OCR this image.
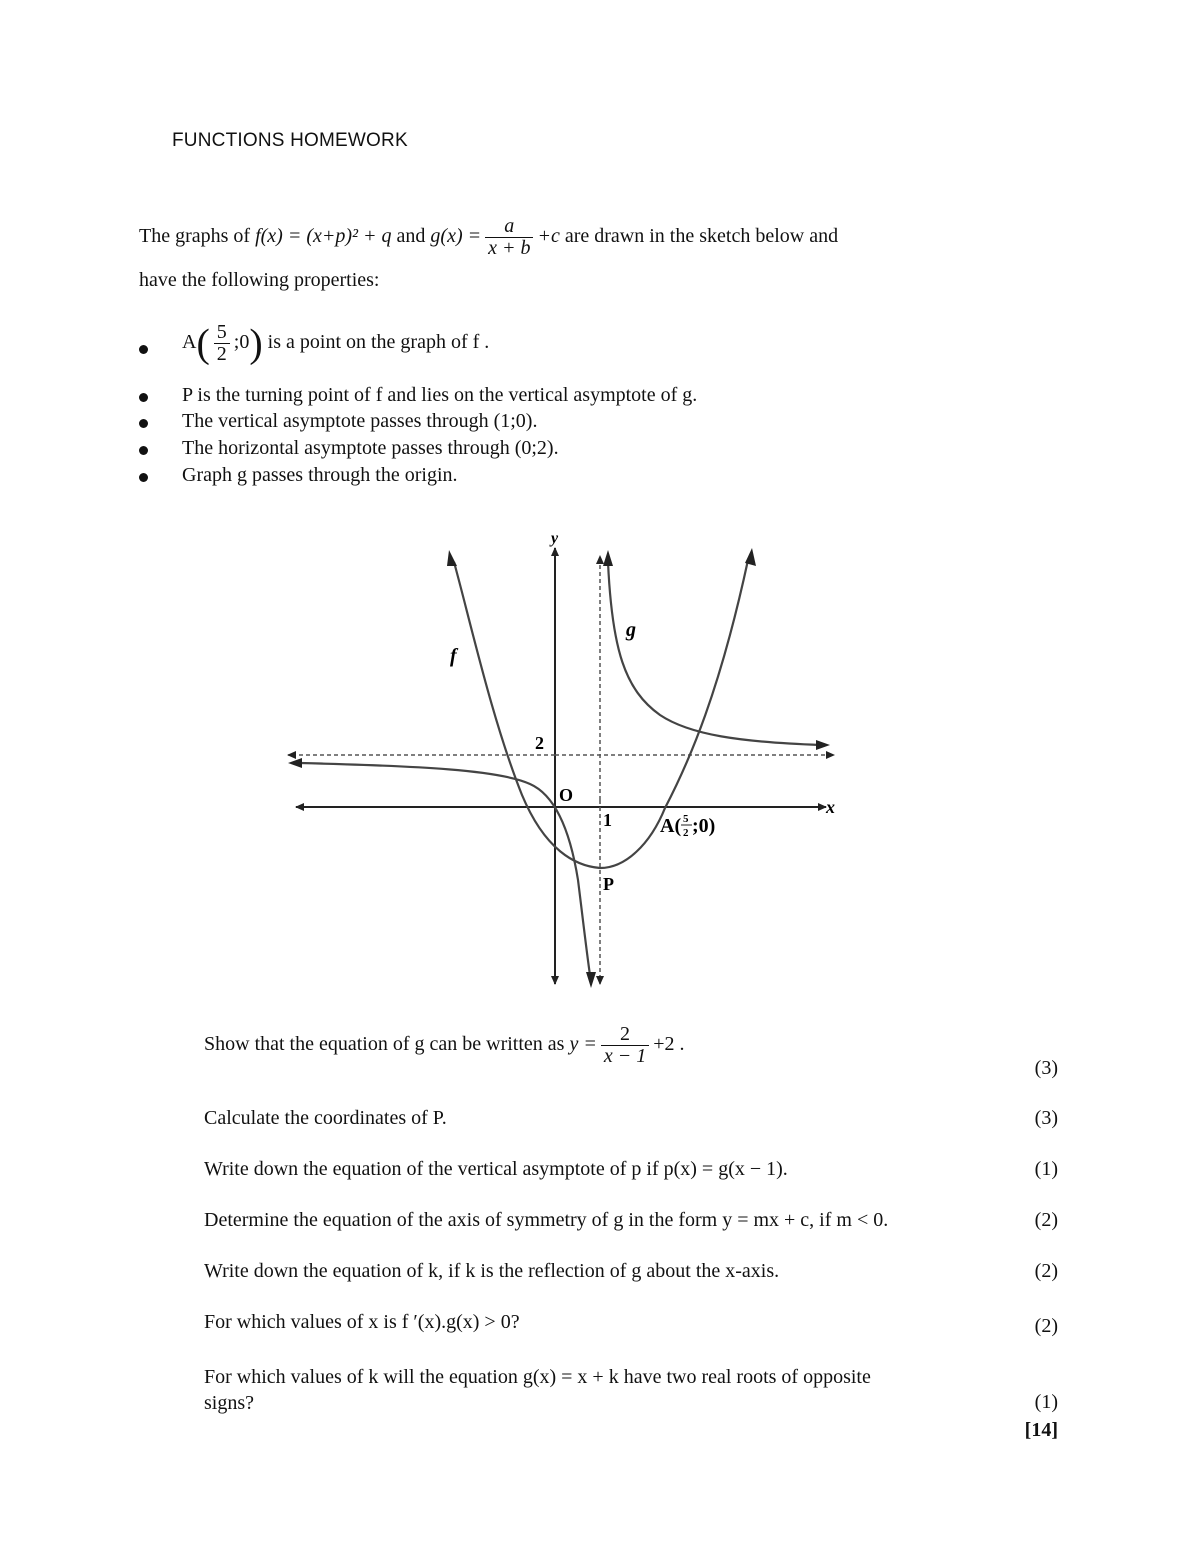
FUNCTIONS HOMEWORK
The graphs of f(x) = (x+p)² + q and $g(x) = \frac{a}{x + b} +c$ are drawn in the sketch below and
have the following properties:
$A( \frac{5}{2}$ ;0) is a point on the graph of f .
P is the turning point of f and lies on the vertical asymptote of g.
The vertical asymptote passes through (1;0).
The horizontal asymptote passes through (0;2).
Graph g passes through the origin.
y
x
f
g
2
O
1
P
A( 5
2 ;0)
Show that the equation of g can be written as $y = \frac{2}{x - 1} +2$ .
(3)
Calculate the coordinates of P.	(3)
Write down the equation of the vertical asymptote of p if p(x) = g(x − 1).	(1)
Determine the equation of the axis of symmetry of g in the form y = mx + c, if m < 0.	(2)
Write down the equation of k, if k is the reflection of g about the x-axis.	(2)
For which values of x is f ′(x).g(x) > 0?	(2)
For which values of k will the equation g(x) = x + k have two real roots of opposite
signs?	(1)
[14]
